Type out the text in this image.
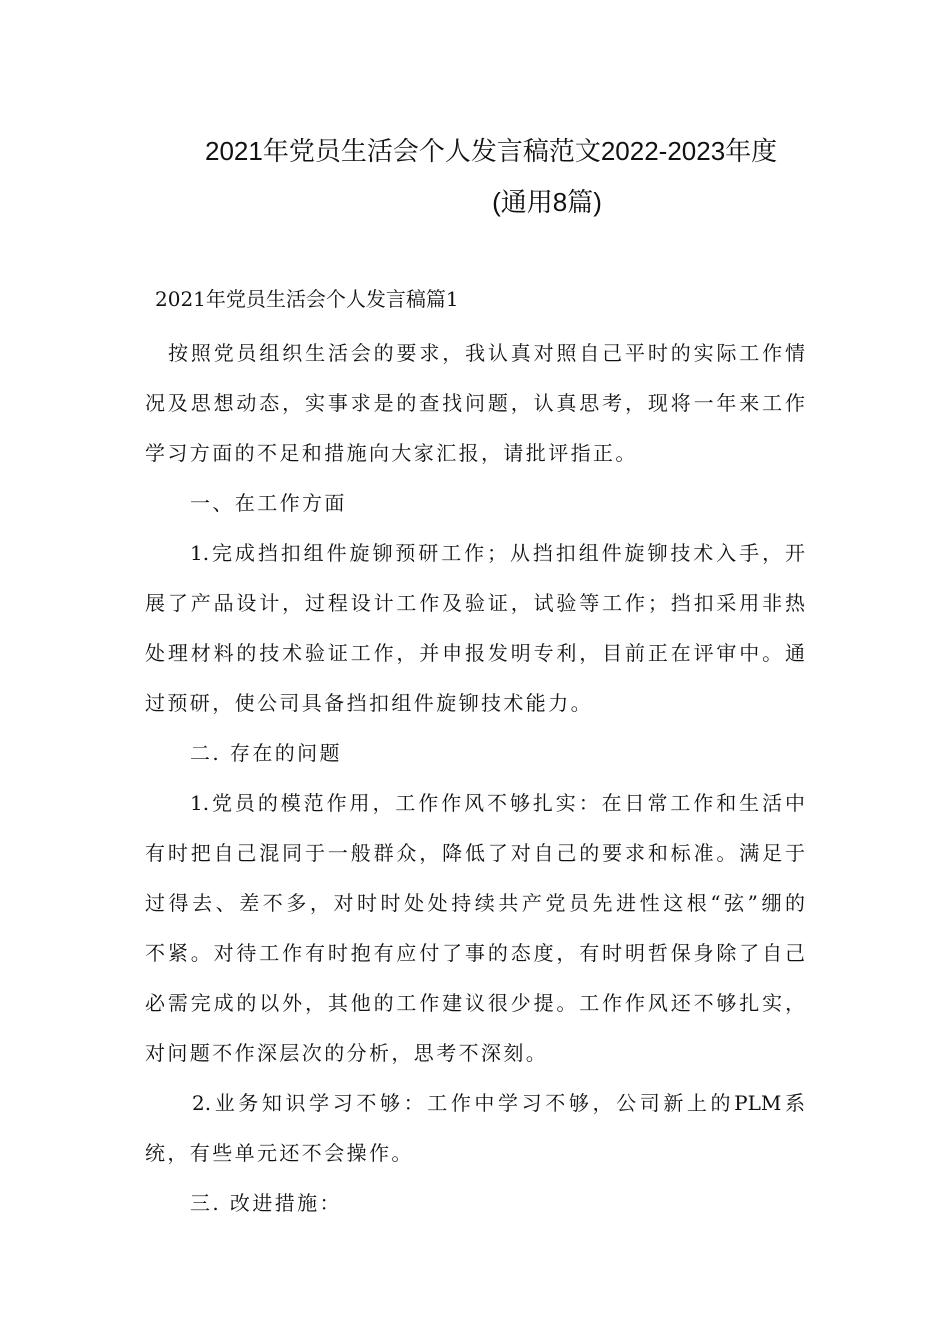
2021年党员生活会个人发言稿范文2022-2023年度
(通用8篇)
2021年党员生活会个人发言稿篇1
按照党员组织生活会的要求，我认真对照自己平时的实际工作情
况及思想动态，实事求是的查找问题，认真思考，现将一年来工作
学习方面的不足和措施向大家汇报，请批评指正。
一、在工作方面
1.完成挡扣组件旋铆预研工作；从挡扣组件旋铆技术入手，开
展了产品设计，过程设计工作及验证，试验等工作；挡扣采用非热
处理材料的技术验证工作，并申报发明专利，目前正在评审中。通
过预研，使公司具备挡扣组件旋铆技术能力。
二. 存在的问题
1.党员的模范作用，工作作风不够扎实：在日常工作和生活中
有时把自己混同于一般群众，降低了对自己的要求和标准。满足于
过得去、差不多，对时时处处持续共产党员先进性这根“弦”绷的
不紧。对待工作有时抱有应付了事的态度，有时明哲保身除了自己
必需完成的以外，其他的工作建议很少提。工作作风还不够扎实，
对问题不作深层次的分析，思考不深刻。
2.业务知识学习不够：工作中学习不够，公司新上的PLM系
统，有些单元还不会操作。
三. 改进措施：
